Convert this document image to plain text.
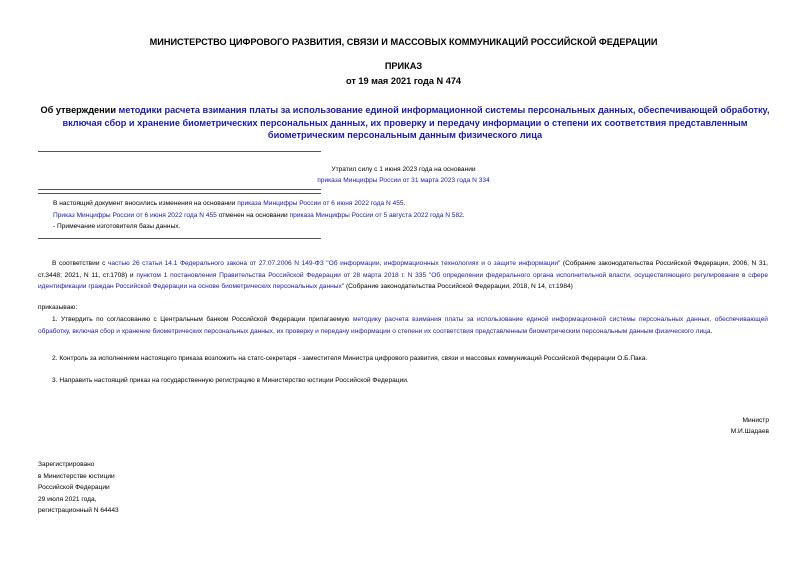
МИНИСТЕРСТВО ЦИФРОВОГО РАЗВИТИЯ, СВЯЗИ И МАССОВЫХ КОММУНИКАЦИЙ РОССИЙСКОЙ ФЕДЕРАЦИИ
ПРИКАЗ
от 19 мая 2021 года N 474
Об утверждении методики расчета взимания платы за использование единой информационной системы персональных данных, обеспечивающей обработку, включая сбор и хранение биометрических персональных данных, их проверку и передачу информации о степени их соответствия представленным биометрическим персональным данным физического лица
Утратил силу с 1 июня 2023 года на основании
приказа Минцифры России от 31 марта 2023 года N 334
В настоящий документ вносились изменения на основании приказа Минцифры России от 6 июня 2022 года N 455.
Приказ Минцифры России от 6 июня 2022 года N 455 отменен на основании приказа Минцифры России от 5 августа 2022 года N 582.
- Примечание изготовителя базы данных.
В соответствии с частью 26 статьи 14.1 Федерального закона от 27.07.2006 N 149-ФЗ "Об информации, информационных технологиях и о защите информации" (Собрание законодательства Российской Федерации, 2006, N 31, ст.3448; 2021, N 11, ст.1708) и пунктом 1 постановления Правительства Российской Федерации от 28 марта 2018 г. N 335 "Об определении федерального органа исполнительной власти, осуществляющего регулирование в сфере идентификации граждан Российской Федерации на основе биометрических персональных данных" (Собрание законодательства Российской Федерации, 2018, N 14, ст.1984)
приказываю:
1. Утвердить по согласованию с Центральным банком Российской Федерации прилагаемую методику расчета взимания платы за использование единой информационной системы персональных данных, обеспечивающей обработку, включая сбор и хранение биометрических персональных данных, их проверку и передачу информации о степени их соответствия представленным биометрическим персональным данным физического лица.
2. Контроль за исполнением настоящего приказа возложить на статс-секретаря - заместителя Министра цифрового развития, связи и массовых коммуникаций Российской Федерации О.Б.Пака.
3. Направить настоящий приказ на государственную регистрацию в Министерство юстиции Российской Федерации.
Министр
М.И.Шадаев
Зарегистрировано
в Министерстве юстиции
Российской Федерации
29 июля 2021 года,
регистрационный N 64443
